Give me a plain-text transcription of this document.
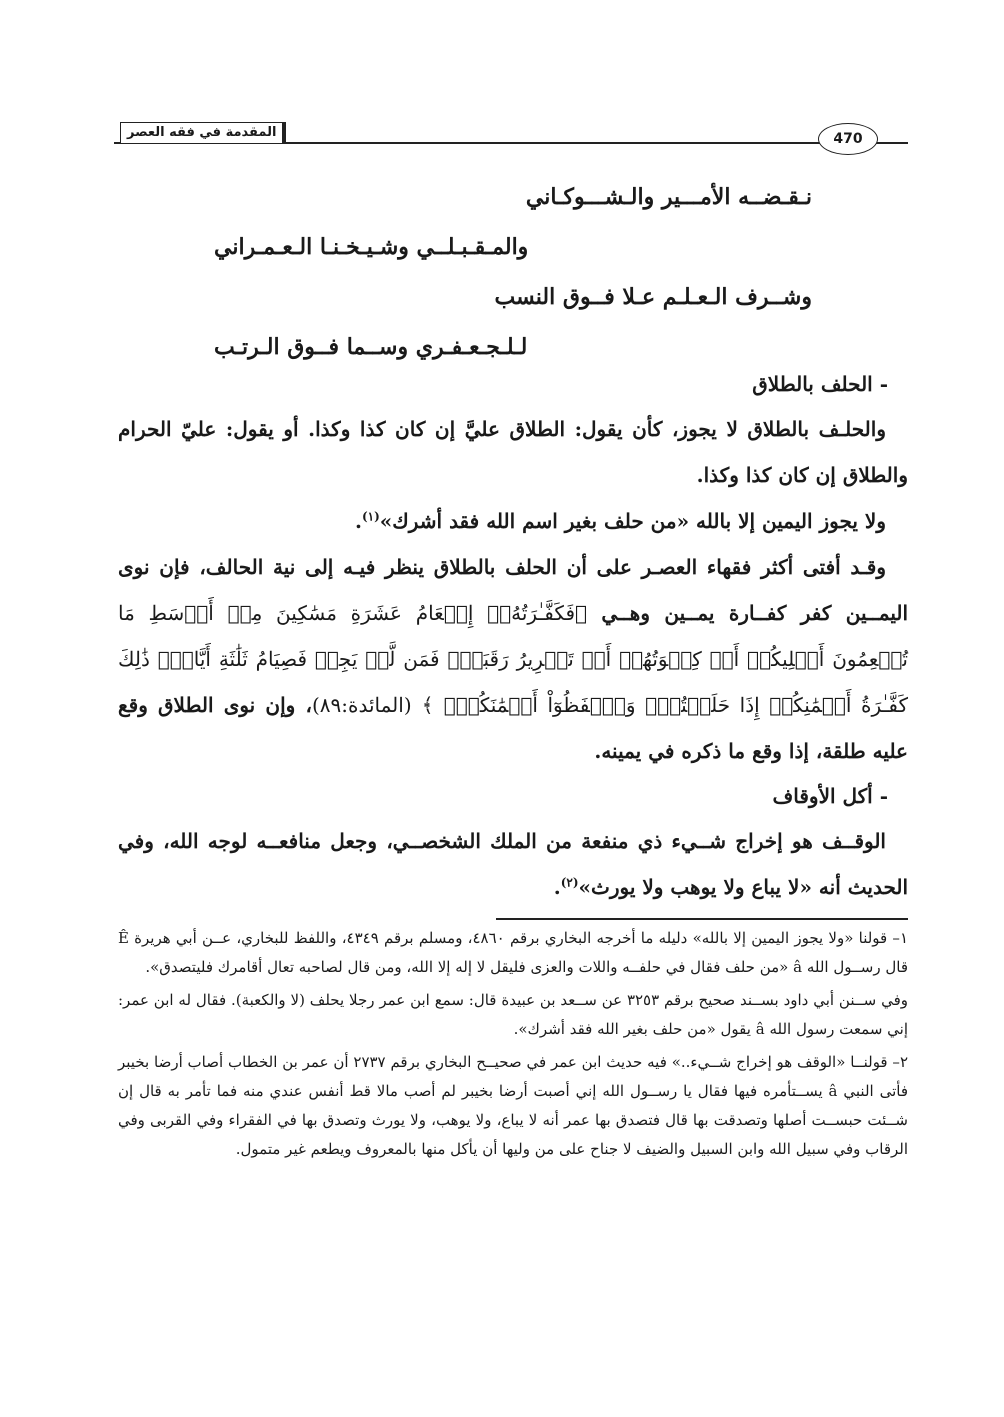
470
المقدمة في فقه العصر
نـقـضــه الأمـــير والـشـــوكـاني
والمـقـبـلــي وشـيـخـنـا الـعـمـراني
وشــرف الـعـلـم عـلا فــوق النسب
لـلـجـعـفـري وســما فــوق الـرتـب
- الحلف بالطلاق

والحلـف بالطلاق لا يجوز، كأن يقول: الطلاق عليَّ إن كان كذا وكذا. أو يقول: عليّ الحرام والطلاق إن كان كذا وكذا.

ولا يجوز اليمين إلا بالله «من حلف بغير اسم الله فقد أشرك»$^{(١)}$.

وقـد أفتى أكثر فقهاء العصـر على أن الحلف بالطلاق ينظر فيـه إلى نية الحالف، فإن نوى اليمــين كفر كفــارة يمــين وهــي ﴿فَكَفَّـٰرَتُهُۥٓ إِطۡعَامُ عَشَرَةِ مَسَٰكِينَ مِنۡ أَوۡسَطِ مَا تُطۡعِمُونَ أَهۡلِيكُمۡ أَوۡ كِسۡوَتُهُمۡ أَوۡ تَحۡرِيرُ رَقَبَةٖۖ فَمَن لَّمۡ يَجِدۡ فَصِيَامُ ثَلَٰثَةِ أَيَّامٖۚ ذَٰلِكَ كَفَّـٰرَةُ أَيۡمَٰنِكُمۡ إِذَا حَلَفۡتُمۡۚ وَٱحۡفَظُوٓاْ أَيۡمَٰنَكُمۡۚ ﴾ (المائدة:٨٩)، وإن نوى الطلاق وقع عليه طلقة، إذا وقع ما ذكره في يمينه.

- أكل الأوقاف

الوقــف هو إخراج شــيء ذي منفعة من الملك الشخصــي، وجعل منافعــه لوجه الله، وفي الحديث أنه «لا يباع ولا يوهب ولا يورث»$^{(٢)}$.

١– قولنا «ولا يجوز اليمين إلا بالله» دليله ما أخرجه البخاري برقم ٤٨٦٠، ومسلم برقم ٤٣٤٩، واللفظ للبخاري، عــن أبي هريرة Ê قال رســول الله â «من حلف فقال في حلفــه واللات والعزى فليقل لا إله إلا الله، ومن قال لصاحبه تعال أقامرك فليتصدق».

وفي ســنن أبي داود بســند صحيح برقم ٣٢٥٣ عن ســعد بن عبيدة قال: سمع ابن عمر رجلا يحلف (لا والكعبة). فقال له ابن عمر: إني سمعت رسول الله â يقول «من حلف بغير الله فقد أشرك».

٢– قولنــا «الوقف هو إخراج شــيء..» فيه حديث ابن عمر في صحيــح البخاري برقم ٢٧٣٧ أن عمر بن الخطاب أصاب أرضا بخيبر فأتى النبي â يســتأمره فيها فقال يا رســول الله إني أصبت أرضا بخيبر لم أصب مالا قط أنفس عندي منه فما تأمر به قال إن شــئت حبســت أصلها وتصدقت بها قال فتصدق بها عمر أنه لا يباع، ولا يوهب، ولا يورث وتصدق بها في الفقراء وفي القربى وفي الرقاب وفي سبيل الله وابن السبيل والضيف لا جناح على من وليها أن يأكل منها بالمعروف ويطعم غير متمول.
